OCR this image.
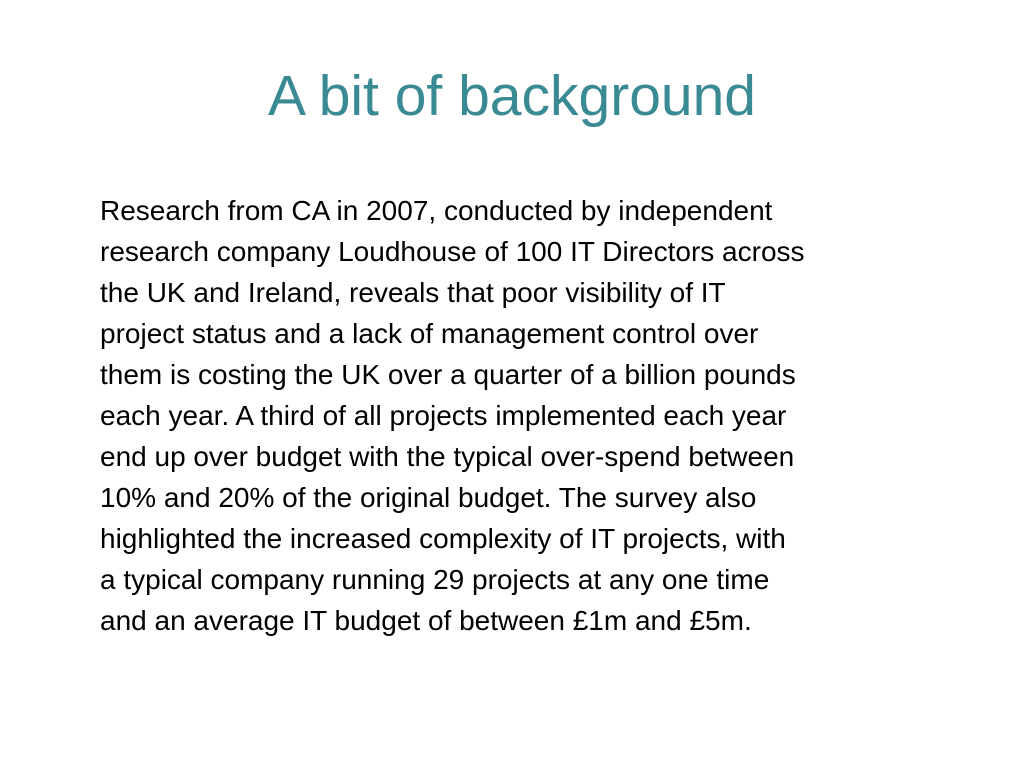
A bit of background
Research from CA in 2007, conducted by independent
research company Loudhouse of 100 IT Directors across
the UK and Ireland, reveals that poor visibility of IT
project status and a lack of management control over
them is costing the UK over a quarter of a billion pounds
each year. A third of all projects implemented each year
end up over budget with the typical over-spend between
10% and 20% of the original budget. The survey also
highlighted the increased complexity of IT projects, with
a typical company running 29 projects at any one time
and an average IT budget of between £1m and £5m.
